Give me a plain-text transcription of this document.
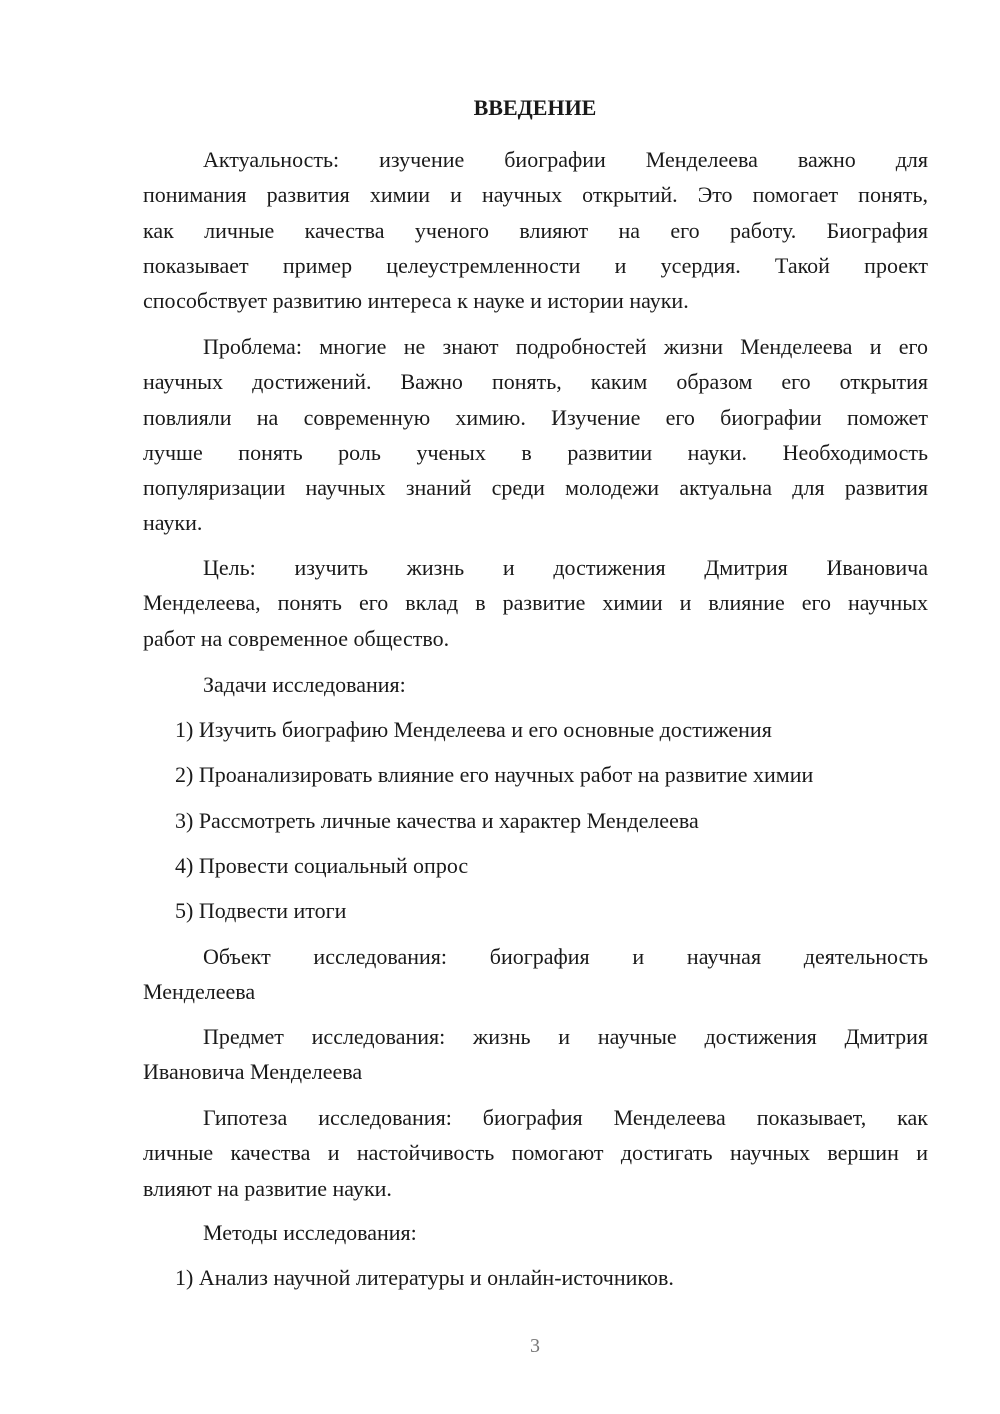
ВВЕДЕНИЕ
Актуальность: изучение биографии Менделеева важно для
понимания развития химии и научных открытий. Это помогает понять,
как личные качества ученого влияют на его работу. Биография
показывает пример целеустремленности и усердия. Такой проект
способствует развитию интереса к науке и истории науки.
Проблема: многие не знают подробностей жизни Менделеева и его
научных достижений. Важно понять, каким образом его открытия
повлияли на современную химию. Изучение его биографии поможет
лучше понять роль ученых в развитии науки. Необходимость
популяризации научных знаний среди молодежи актуальна для развития
науки.
Цель: изучить жизнь и достижения Дмитрия Ивановича
Менделеева, понять его вклад в развитие химии и влияние его научных
работ на современное общество.
Задачи исследования:
1) Изучить биографию Менделеева и его основные достижения
2) Проанализировать влияние его научных работ на развитие химии
3) Рассмотреть личные качества и характер Менделеева
4) Провести социальный опрос
5) Подвести итоги
Объект исследования: биография и научная деятельность
Менделеева
Предмет исследования: жизнь и научные достижения Дмитрия
Ивановича Менделеева
Гипотеза исследования: биография Менделеева показывает, как
личные качества и настойчивость помогают достигать научных вершин и
влияют на развитие науки.
Методы исследования:
1) Анализ научной литературы и онлайн-источников.
3
